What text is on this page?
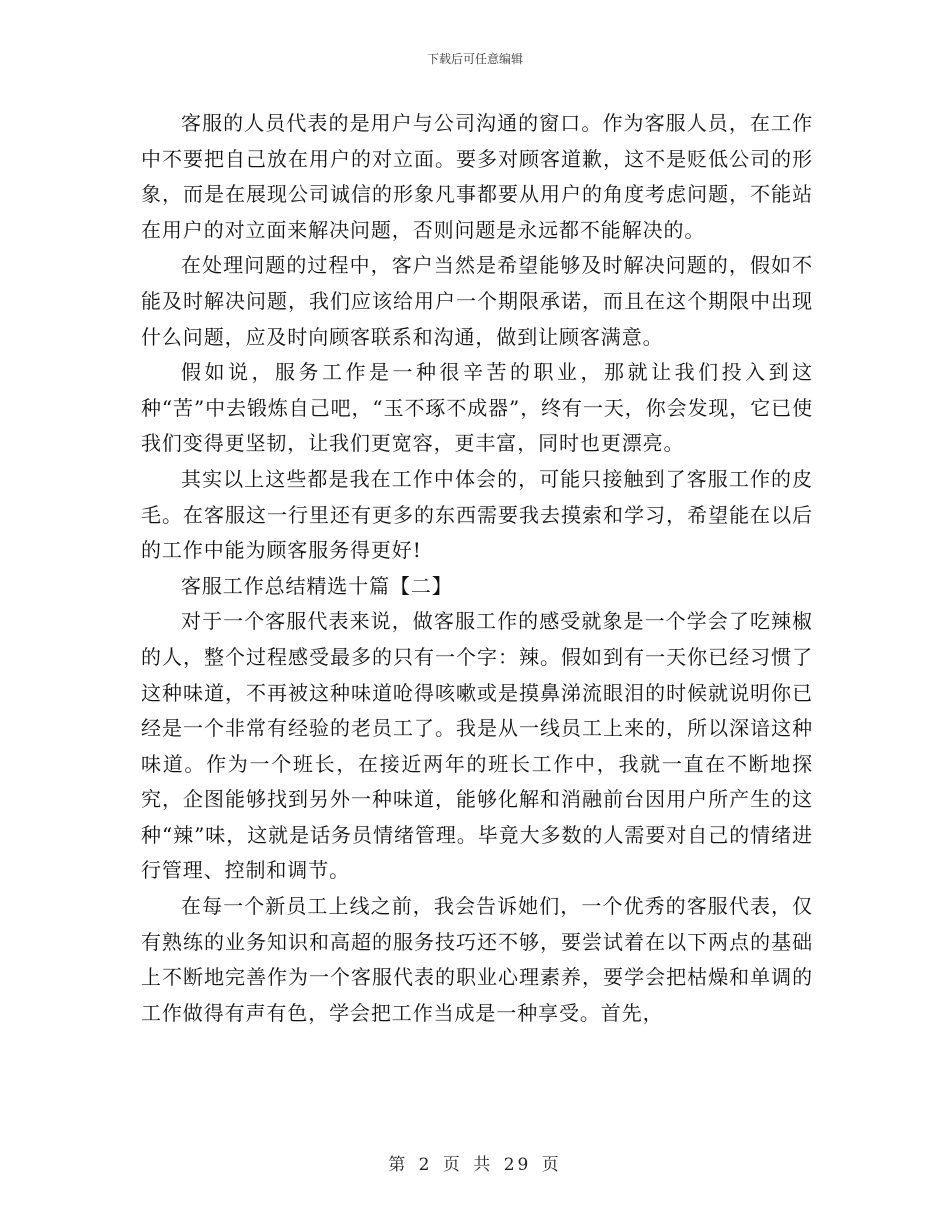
下载后可任意编辑

客服的人员代表的是用户与公司沟通的窗口。作为客服人员，在工作中不要把自己放在用户的对立面。要多对顾客道歉，这不是贬低公司的形象，而是在展现公司诚信的形象凡事都要从用户的角度考虑问题，不能站在用户的对立面来解决问题，否则问题是永远都不能解决的。

在处理问题的过程中，客户当然是希望能够及时解决问题的，假如不能及时解决问题，我们应该给用户一个期限承诺，而且在这个期限中出现什么问题，应及时向顾客联系和沟通，做到让顾客满意。

假如说，服务工作是一种很辛苦的职业，那就让我们投入到这种“苦”中去锻炼自己吧，“玉不琢不成器”，终有一天，你会发现，它已使我们变得更坚韧，让我们更宽容，更丰富，同时也更漂亮。

其实以上这些都是我在工作中体会的，可能只接触到了客服工作的皮毛。在客服这一行里还有更多的东西需要我去摸索和学习，希望能在以后的工作中能为顾客服务得更好!

客服工作总结精选十篇【二】

对于一个客服代表来说，做客服工作的感受就象是一个学会了吃辣椒的人，整个过程感受最多的只有一个字：辣。假如到有一天你已经习惯了这种味道，不再被这种味道呛得咳嗽或是摸鼻涕流眼泪的时候就说明你已经是一个非常有经验的老员工了。我是从一线员工上来的，所以深谙这种味道。作为一个班长，在接近两年的班长工作中，我就一直在不断地探究，企图能够找到另外一种味道，能够化解和消融前台因用户所产生的这种“辣”味，这就是话务员情绪管理。毕竟大多数的人需要对自己的情绪进行管理、控制和调节。

在每一个新员工上线之前，我会告诉她们，一个优秀的客服代表，仅有熟练的业务知识和高超的服务技巧还不够，要尝试着在以下两点的基础上不断地完善作为一个客服代表的职业心理素养，要学会把枯燥和单调的工作做得有声有色，学会把工作当成是一种享受。首先，

第 2 页 共 29 页
